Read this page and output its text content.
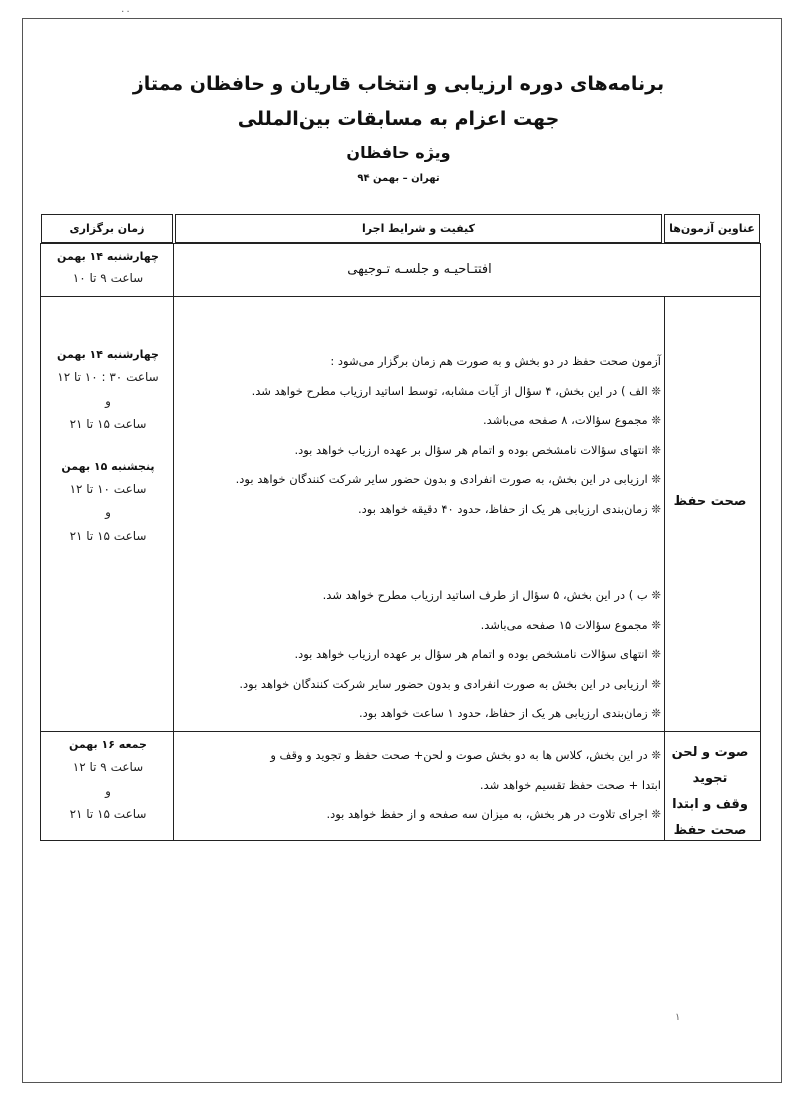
۰۰
برنامه‌های دوره ارزیابی و انتخاب قاریان و حافظان ممتاز
جهت اعزام به مسابقات بین‌المللی
ویژه حافظان
تهران – بهمن ۹۴
عناوین آزمون‌ها
کیفیت و شرایط اجرا
زمان برگزاری
افتتـاحیـه و جلسـه تـوجیهی
چهارشنبه ۱۴ بهمن
ساعت ۹ تا ۱۰
صحت حفظ

آزمون صحت حفظ در دو بخش و به صورت هم زمان برگزار می‌شود :

❊ الف ) در این بخش، ۴ سؤال از آیات مشابه، توسط اساتید ارزیاب مطرح خواهد شد.

❊ مجموع سؤالات، ۸ صفحه می‌باشد.

❊ انتهای سؤالات نامشخص بوده و اتمام هر سؤال بر عهده ارزیاب خواهد بود.

❊ ارزیابی در این بخش، به صورت انفرادی و بدون حضور سایر شرکت کنندگان خواهد بود.

❊ زمان‌بندی ارزیابی هر یک از حفاظ، حدود ۴۰ دقیقه خواهد بود.

❊ ب ) در این بخش، ۵ سؤال از طرف اساتید ارزیاب مطرح خواهد شد.

❊ مجموع سؤالات ۱۵ صفحه می‌باشد.

❊ انتهای سؤالات نامشخص بوده و اتمام هر سؤال بر عهده ارزیاب خواهد بود.

❊ ارزیابی در این بخش به صورت انفرادی و بدون حضور سایر شرکت کنندگان خواهد بود.

❊ زمان‌بندی ارزیابی هر یک از حفاظ، حدود ۱ ساعت خواهد بود.

چهارشنبه ۱۴ بهمن
ساعت ۳۰ : ۱۰ تا ۱۲
و
ساعت ۱۵ تا ۲۱

پنجشنبه ۱۵ بهمن
ساعت ۱۰ تا ۱۲
و
ساعت ۱۵ تا ۲۱
صوت و لحن
تجوید
وقف و ابتدا
صحت حفظ

❊ در این بخش، کلاس ها به دو بخش صوت و لحن+ صحت حفظ و تجوید و وقف و

ابتدا + صحت حفظ تقسیم خواهد شد.

❊ اجرای تلاوت در هر بخش، به میزان سه صفحه و از حفظ خواهد بود.

جمعه ۱۶ بهمن
ساعت ۹ تا ۱۲
و
ساعت ۱۵ تا ۲۱
۱
